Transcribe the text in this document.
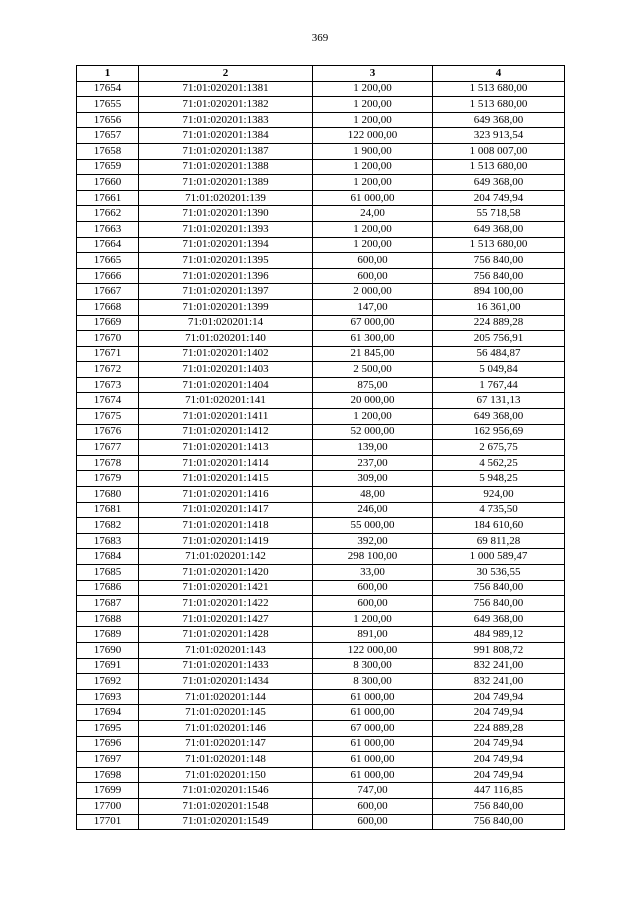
369
1	2	3	4
17654	71:01:020201:1381	1 200,00	1 513 680,00
17655	71:01:020201:1382	1 200,00	1 513 680,00
17656	71:01:020201:1383	1 200,00	649 368,00
17657	71:01:020201:1384	122 000,00	323 913,54
17658	71:01:020201:1387	1 900,00	1 008 007,00
17659	71:01:020201:1388	1 200,00	1 513 680,00
17660	71:01:020201:1389	1 200,00	649 368,00
17661	71:01:020201:139	61 000,00	204 749,94
17662	71:01:020201:1390	24,00	55 718,58
17663	71:01:020201:1393	1 200,00	649 368,00
17664	71:01:020201:1394	1 200,00	1 513 680,00
17665	71:01:020201:1395	600,00	756 840,00
17666	71:01:020201:1396	600,00	756 840,00
17667	71:01:020201:1397	2 000,00	894 100,00
17668	71:01:020201:1399	147,00	16 361,00
17669	71:01:020201:14	67 000,00	224 889,28
17670	71:01:020201:140	61 300,00	205 756,91
17671	71:01:020201:1402	21 845,00	56 484,87
17672	71:01:020201:1403	2 500,00	5 049,84
17673	71:01:020201:1404	875,00	1 767,44
17674	71:01:020201:141	20 000,00	67 131,13
17675	71:01:020201:1411	1 200,00	649 368,00
17676	71:01:020201:1412	52 000,00	162 956,69
17677	71:01:020201:1413	139,00	2 675,75
17678	71:01:020201:1414	237,00	4 562,25
17679	71:01:020201:1415	309,00	5 948,25
17680	71:01:020201:1416	48,00	924,00
17681	71:01:020201:1417	246,00	4 735,50
17682	71:01:020201:1418	55 000,00	184 610,60
17683	71:01:020201:1419	392,00	69 811,28
17684	71:01:020201:142	298 100,00	1 000 589,47
17685	71:01:020201:1420	33,00	30 536,55
17686	71:01:020201:1421	600,00	756 840,00
17687	71:01:020201:1422	600,00	756 840,00
17688	71:01:020201:1427	1 200,00	649 368,00
17689	71:01:020201:1428	891,00	484 989,12
17690	71:01:020201:143	122 000,00	991 808,72
17691	71:01:020201:1433	8 300,00	832 241,00
17692	71:01:020201:1434	8 300,00	832 241,00
17693	71:01:020201:144	61 000,00	204 749,94
17694	71:01:020201:145	61 000,00	204 749,94
17695	71:01:020201:146	67 000,00	224 889,28
17696	71:01:020201:147	61 000,00	204 749,94
17697	71:01:020201:148	61 000,00	204 749,94
17698	71:01:020201:150	61 000,00	204 749,94
17699	71:01:020201:1546	747,00	447 116,85
17700	71:01:020201:1548	600,00	756 840,00
17701	71:01:020201:1549	600,00	756 840,00
